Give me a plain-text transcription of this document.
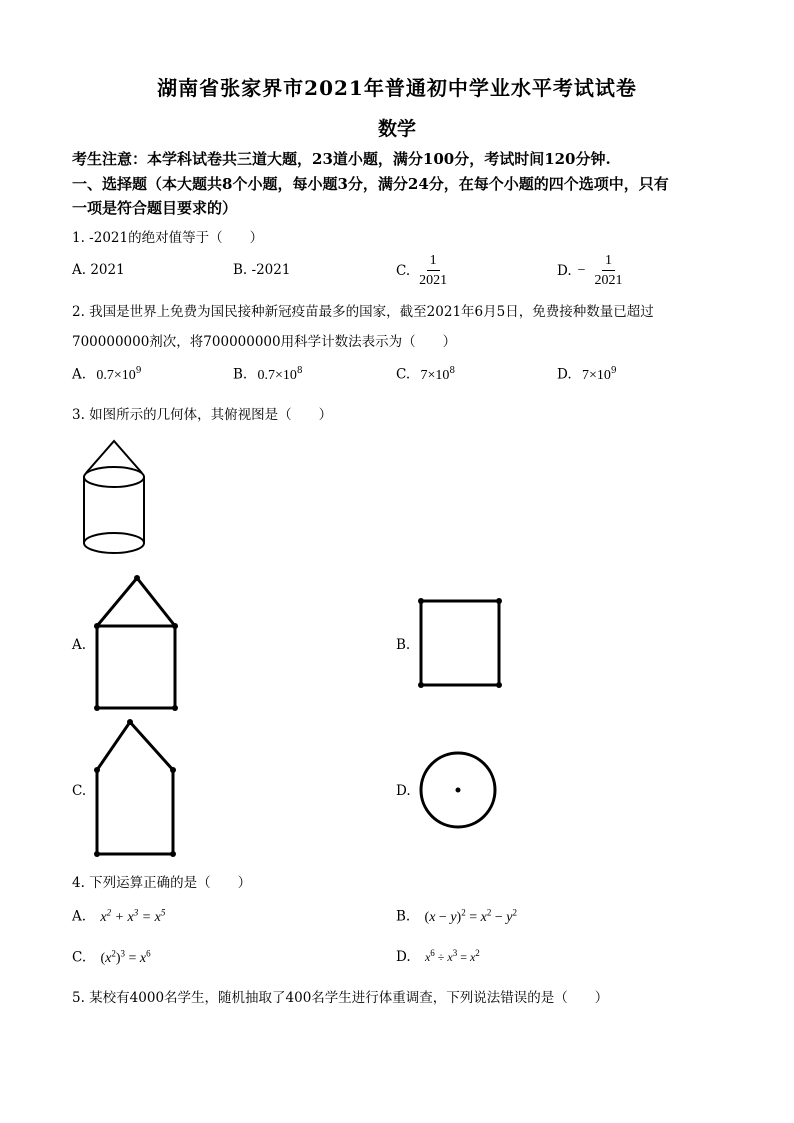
湖南省张家界市2021年普通初中学业水平考试试卷
数学
考生注意：本学科试卷共三道大题，23道小题，满分100分，考试时间120分钟.
一、选择题（本大题共8个小题，每小题3分，满分24分，在每个小题的四个选项中，只有
一项是符合题目要求的）
1. -2021的绝对值等于（　　）
A. 2021	B. -2021	C. $\frac{1}{2021}$	D. − $\frac{1}{2021}$
2. 我国是世界上免费为国民接种新冠疫苗最多的国家，截至2021年6月5日，免费接种数量已超过
700000000剂次，将700000000用科学计数法表示为（　　）
A. $0.7\times 10^9$	B. $0.7\times 10^8$	C. $7\times 10^8$	D. $7\times 10^9$
3. 如图所示的几何体，其俯视图是（　　）
A.	B.
C.	D.
4. 下列运算正确的是（　　）
A. $x^2 + x^3 = x^5$	B. $(x - y)^2 = x^2 - y^2$
C. $(x^2)^3 = x^6$	D. $x^6 \div x^3 = x^2$
5. 某校有4000名学生，随机抽取了400名学生进行体重调查，下列说法错误的是（　　）
